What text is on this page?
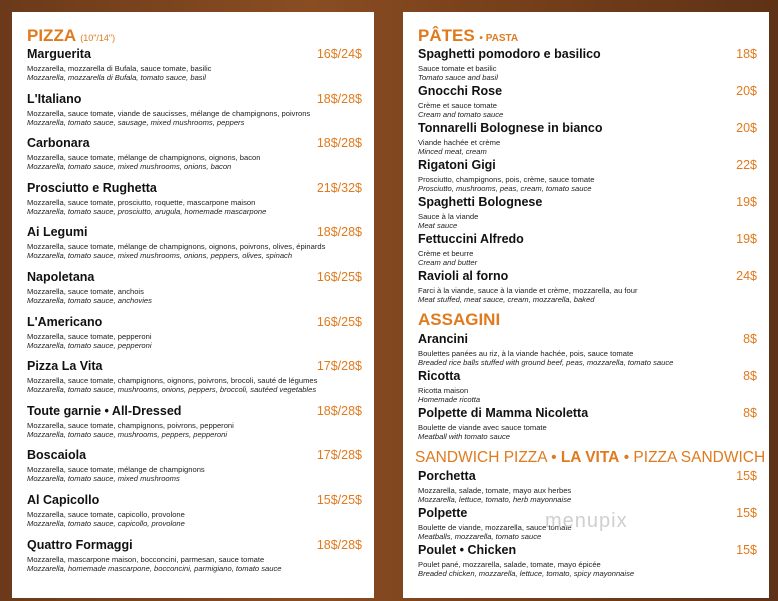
PIZZA (10"/14")
Marguerita	16$/24$
Mozzarella, mozzarella di Bufala, sauce tomate, basilic
Mozzarella, mozzarella di Bufala, tomato sauce, basil
L'Italiano	18$/28$
Mozzarella, sauce tomate, viande de saucisses, mélange de champignons, poivrons
Mozzarella, tomato sauce, sausage, mixed mushrooms, peppers
Carbonara	18$/28$
Mozzarella, sauce tomate, mélange de champignons, oignons, bacon
Mozzarella, tomato sauce, mixed mushrooms, onions, bacon
Prosciutto e Rughetta	21$/32$
Mozzarella, sauce tomate, prosciutto, roquette, mascarpone maison
Mozzarella, tomato sauce, prosciutto, arugula, homemade mascarpone
Ai Legumi	18$/28$
Mozzarella, sauce tomate, mélange de champignons, oignons, poivrons, olives, épinards
Mozzarella, tomato sauce, mixed mushrooms, onions, peppers, olives, spinach
Napoletana	16$/25$
Mozzarella, sauce tomate, anchois
Mozzarella, tomato sauce, anchovies
L'Americano	16$/25$
Mozzarella, sauce tomate, pepperoni
Mozzarella, tomato sauce, pepperoni
Pizza La Vita	17$/28$
Mozzarella, sauce tomate, champignons, oignons, poivrons, brocoli, sauté de légumes
Mozzarella, tomato sauce, mushrooms, onions, peppers, broccoli, sautéed vegetables
Toute garnie • All-Dressed	18$/28$
Mozzarella, sauce tomate, champignons, poivrons, pepperoni
Mozzarella, tomato sauce, mushrooms, peppers, pepperoni
Boscaiola	17$/28$
Mozzarella, sauce tomate, mélange de champignons
Mozzarella, tomato sauce, mixed mushrooms
Al Capicollo	15$/25$
Mozzarella, sauce tomate, capicollo, provolone
Mozzarella, tomato sauce, capicollo, provolone
Quattro Formaggi	18$/28$
Mozzarella, mascarpone maison, bocconcini, parmesan, sauce tomate
Mozzarella, homemade mascarpone, bocconcini, parmigiano, tomato sauce
PÂTES • PASTA
Spaghetti pomodoro e basilico	18$
Sauce tomate et basilic
Tomato sauce and basil
Gnocchi Rose	20$
Crème et sauce tomate
Cream and tomato sauce
Tonnarelli Bolognese in bianco	20$
Viande hachée et crème
Minced meat, cream
Rigatoni Gigi	22$
Prosciutto, champignons, pois, crème, sauce tomate
Prosciutto, mushrooms, peas, cream, tomato sauce
Spaghetti Bolognese	19$
Sauce à la viande
Meat sauce
Fettuccini Alfredo	19$
Crème et beurre
Cream and butter
Ravioli al forno	24$
Farci à la viande, sauce à la viande et crème, mozzarella, au four
Meat stuffed, meat sauce, cream, mozzarella, baked
ASSAGINI
Arancini	8$
Boulettes panées au riz, à la viande hachée, pois, sauce tomate
Breaded rice balls stuffed with ground beef, peas, mozzarella, tomato sauce
Ricotta	8$
Ricotta maison
Homemade ricotta
Polpette di Mamma Nicoletta	8$
Boulette de viande avec sauce tomate
Meatball with tomato sauce
SANDWICH PIZZA • LA VITA • PIZZA SANDWICH
Porchetta	15$
Mozzarella, salade, tomate, mayo aux herbes
Mozzarella, lettuce, tomato, herb mayonnaise
Polpette	15$
Boulette de viande, mozzarella, sauce tomate
Meatballs, mozzarella, tomato sauce
Poulet • Chicken	15$
Poulet pané, mozzarella, salade, tomate, mayo épicée
Breaded chicken, mozzarella, lettuce, tomato, spicy mayonnaise
menupix
